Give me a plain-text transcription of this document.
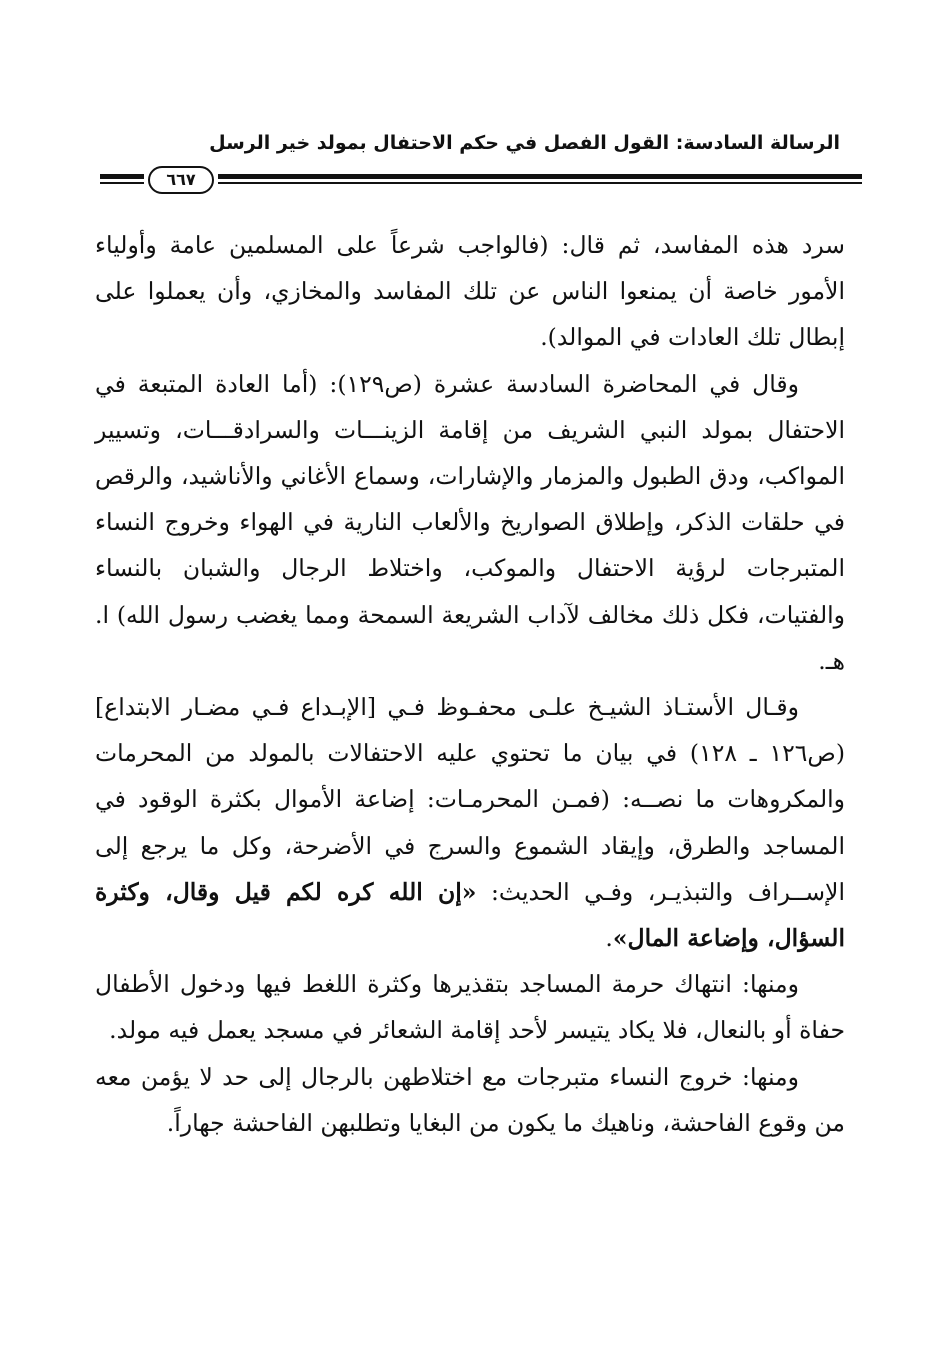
الرسالة السادسة: القول الفصل في حكم الاحتفال بمولد خير الرسل
٦٦٧

سرد هذه المفاسد، ثم قال: (فالواجب شرعاً على المسلمين عامة وأولياء الأمور خاصة أن يمنعوا الناس عن تلك المفاسد والمخازي، وأن يعملوا على إبطال تلك العادات في الموالد).

وقال في المحاضرة السادسة عشرة (ص١٢٩): (أما العادة المتبعة في الاحتفال بمولد النبي الشريف من إقامة الزينـــات والسرادقـــات، وتسيير المواكب، ودق الطبول والمزمار والإشارات، وسماع الأغاني والأناشيد، والرقص في حلقات الذكر، وإطلاق الصواريخ والألعاب النارية في الهواء وخروج النساء المتبرجات لرؤية الاحتفال والموكب، واختلاط الرجال والشبان بالنساء والفتيات، فكل ذلك مخالف لآداب الشريعة السمحة ومما يغضب رسول الله) ا. هـ.

وقـال الأستـاذ الشيـخ علـى محفـوظ فـي [الإبـداع فـي مضـار الابتداع] (ص١٢٦ ـ ١٢٨) في بيان ما تحتوي عليه الاحتفالات بالمولد من المحرمات والمكروهات ما نصــه: (فمـن المحرمـات: إضاعة الأموال بكثرة الوقود في المساجد والطرق، وإيقاد الشموع والسرج في الأضرحة، وكل ما يرجع إلى الإســراف والتبذيـر، وفـي الحديث: «إن الله كره لكم قيل وقال، وكثرة السؤال، وإضاعة المال».

ومنها: انتهاك حرمة المساجد بتقذيرها وكثرة اللغط فيها ودخول الأطفال حفاة أو بالنعال، فلا يكاد يتيسر لأحد إقامة الشعائر في مسجد يعمل فيه مولد.

ومنها: خروج النساء متبرجات مع اختلاطهن بالرجال إلى حد لا يؤمن معه من وقوع الفاحشة، وناهيك ما يكون من البغايا وتطلبهن الفاحشة جهاراً.
